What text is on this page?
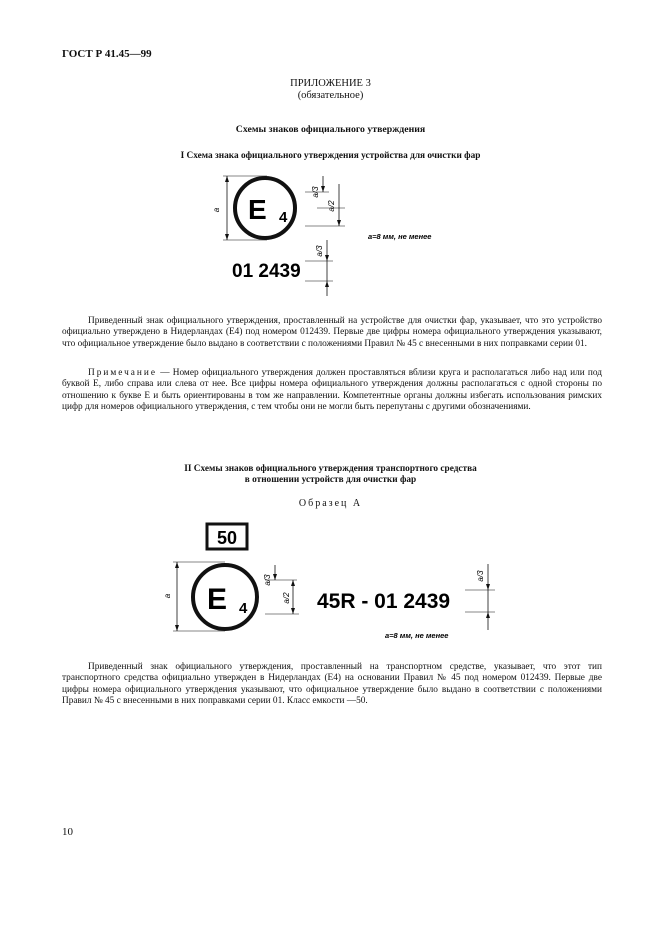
ГОСТ Р 41.45—99
ПРИЛОЖЕНИЕ 3
(обязательное)
Схемы знаков официального утверждения
I Схема знака официального утверждения устройства для очистки фар
a E 4
a/3
a/2
a=8 мм, не менее
01 2439
a/3
Приведенный знак официального утверждения, проставленный на устройстве для очистки фар, указывает, что это устройство официально утверждено в Нидерландах (Е4) под номером 012439. Первые две цифры номера официального утверждения указывают, что официальное утверждение было выдано в соответствии с положениями Правил № 45 с внесенными в них поправками серии 01.
Примечание — Номер официального утверждения должен проставляться вблизи круга и располагаться либо над или под буквой Е, либо справа или слева от нее. Все цифры номера официального утверждения должны располагаться с одной стороны по отношению к букве Е и быть ориентированы в том же направлении. Компетентные органы должны избегать использования римских цифр для номеров официального утверждения, с тем чтобы они не могли быть перепутаны с другими обозначениями.
II Схемы знаков официального утверждения транспортного средства
в отношении устройств для очистки фар
Образец А
50
a E 4
a/3
a/2 45R - 01 2439
a/3
a=8 мм, не менее
Приведенный знак официального утверждения, проставленный на транспортном средстве, указывает, что этот тип транспортного средства официально утвержден в Нидерландах (Е4) на основании Правил № 45 под номером 012439. Первые две цифры номера официального утверждения указывают, что официальное утверждение было выдано в соответствии с положениями Правил № 45 с внесенными в них поправками серии 01. Класс емкости —50.
10
